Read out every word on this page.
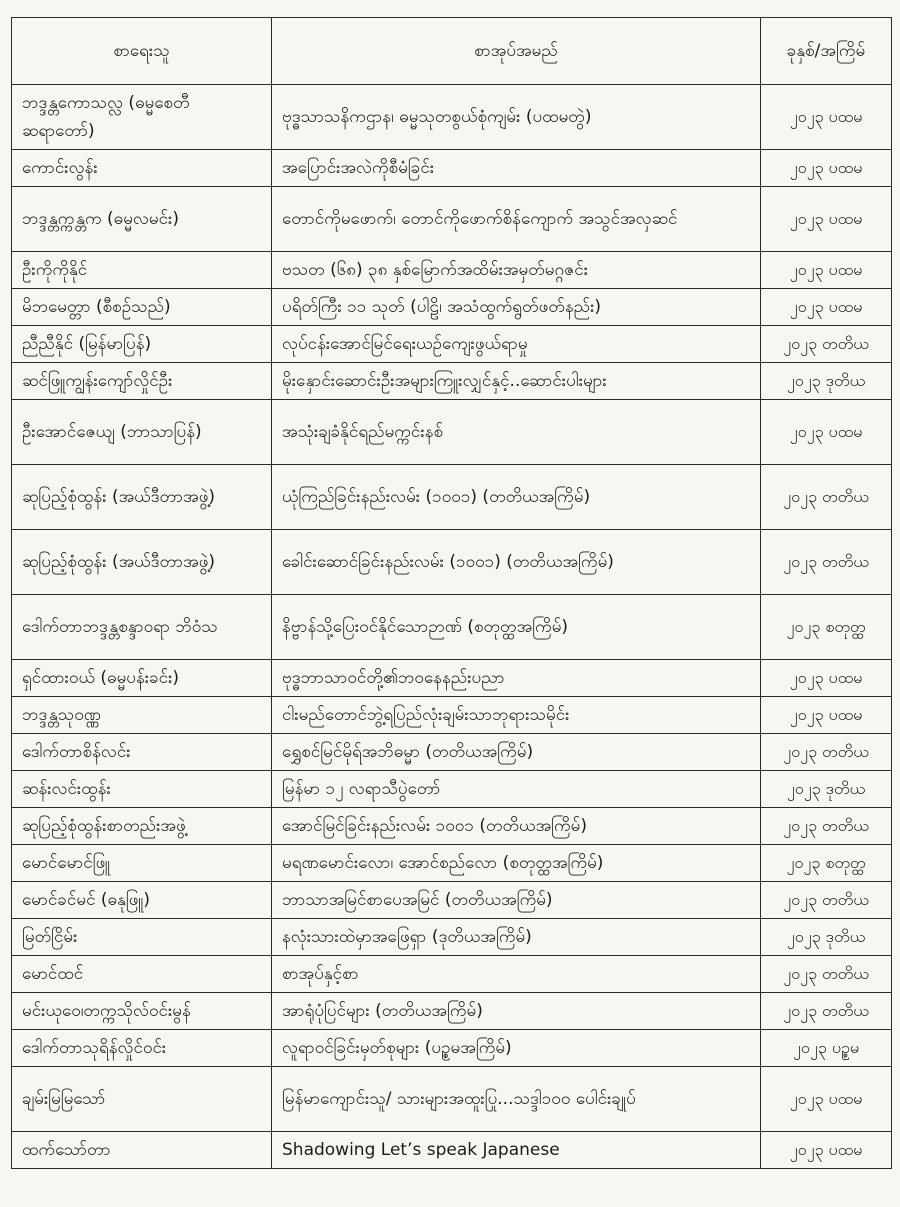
စာရေးသူ	စာအုပ်အမည်	ခုနှစ်/အကြိမ်
ဘဒ္ဒန္တကောသလ္လ (ဓမ္မစေတီဆရာတော်)	ဗုဒ္ဓသာသနိကဌာန၊ ဓမ္မသုတစွယ်စုံကျမ်း (ပထမတွဲ)	၂၀၂၃ ပထမ
ကောင်းလွန်း	အပြောင်းအလဲကိုစီမံခြင်း	၂၀၂၃ ပထမ
ဘဒ္ဒန္တက္ကန္တက (ဓမ္မလမင်း)	တောင်ကိုမဖောက်၊ တောင်ကိုဖောက်စိန်ကျောက် အသွင်အလှဆင်	၂၀၂၃ ပထမ
ဦးကိုကိုနိုင်	ဗသတ (၆၈) ၃၈ နှစ်မြောက်အထိမ်းအမှတ်မဂ္ဂဇင်း	၂၀၂၃ ပထမ
မိဘမေတ္တာ (စီစဉ်သည်)	ပရိတ်ကြီး ၁၁ သုတ် (ပါဠိ၊ အသံထွက်ရွတ်ဖတ်နည်း)	၂၀၂၃ ပထမ
ညီညီနိုင် (မြန်မာပြန်)	လုပ်ငန်းအောင်မြင်ရေးယဉ်ကျေးဖွယ်ရာမှု	၂၀၂၃ တတိယ
ဆင်ဖြူကျွန်းကျော်လှိုင်ဦး	မိုးနှောင်းဆောင်းဦးအများကြူးလျှင်နှင့်..ဆောင်းပါးများ	၂၀၂၃ ဒုတိယ
ဦးအောင်ဇေယျ (ဘာသာပြန်)	အသုံးချခံနိုင်ရည်မက္ကင်းနစ်	၂၀၂၃ ပထမ
ဆုပြည့်စုံထွန်း (အယ်ဒီတာအဖွဲ့)	ယုံကြည်ခြင်းနည်းလမ်း (၁၀၀၁) (တတိယအကြိမ်)	၂၀၂၃ တတိယ
ဆုပြည့်စုံထွန်း (အယ်ဒီတာအဖွဲ့)	ခေါင်းဆောင်ခြင်းနည်းလမ်း (၁၀၀၁) (တတိယအကြိမ်)	၂၀၂၃ တတိယ
ဒေါက်တာဘဒ္ဒန္တစန္ဒာဝရာ ဘိဝံသ	နိဗ္ဗာန်သို့ပြေးဝင်နိုင်သောဉာဏ် (စတုတ္ထအကြိမ်)	၂၀၂၃ စတုတ္ထ
ရှင်ထားဝယ် (ဓမ္မပန်းခင်း)	ဗုဒ္ဓဘာသာဝင်တို့၏ဘဝနေနည်းပညာ	၂၀၂၃ ပထမ
ဘဒ္ဒန္တသုဝဏ္ဏ	ငါးမည်တောင်ဘွဲ့ရပြည်လုံးချမ်းသာဘုရားသမိုင်း	၂၀၂၃ ပထမ
ဒေါက်တာစိန်လင်း	ရွှေစင်မြင်မိုရ်အဘိဓမ္မာ (တတိယအကြိမ်)	၂၀၂၃ တတိယ
ဆန်းလင်းထွန်း	မြန်မာ ၁၂ လရာသီပွဲတော်	၂၀၂၃ ဒုတိယ
ဆုပြည့်စုံထွန်းစာတည်းအဖွဲ့	အောင်မြင်ခြင်းနည်းလမ်း ၁၀၀၁ (တတိယအကြိမ်)	၂၀၂၃ တတိယ
မောင်မောင်ဖြူ	မရဏမောင်းလော၊ အောင်စည်လော (စတုတ္ထအကြိမ်)	၂၀၂၃ စတုတ္ထ
မောင်ခင်မင် (ဓနုဖြူ)	ဘာသာအမြင်စာပေအမြင် (တတိယအကြိမ်)	၂၀၂၃ တတိယ
မြတ်ငြိမ်း	နလုံးသားထဲမှာအဖြေရှာ (ဒုတိယအကြိမ်)	၂၀၂၃ ဒုတိယ
မောင်ထင်	စာအုပ်နှင့်စာ	၂၀၂၃ တတိယ
မင်းယုဝေ၊တက္ကသိုလ်ဝင်းမွန်	အာရုံပုံပြင်များ (တတိယအကြိမ်)	၂၀၂၃ တတိယ
ဒေါက်တာသုရိန်လှိုင်ဝင်း	လူရာဝင်ခြင်းမှတ်စုများ (ပဥ္စမအကြိမ်)	၂၀၂၃ ပဥ္စမ
ချမ်းမြမြသော်	မြန်မာကျောင်းသူ/ သားများအထူးပြု...သဒ္ဒါ၁၀၀ ပေါင်းချုပ်	၂၀၂၃ ပထမ
ထက်သော်တာ	Shadowing Let’s speak Japanese	၂၀၂၃ ပထမ
